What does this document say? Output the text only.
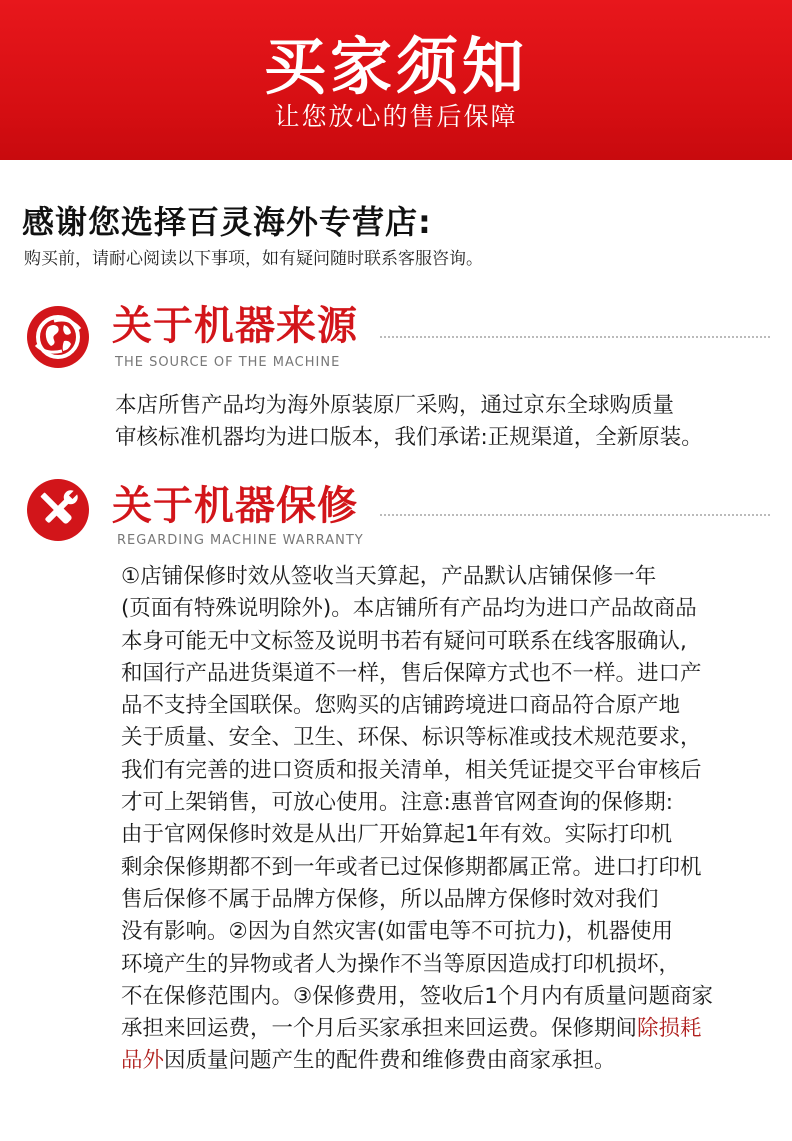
买家须知
让您放心的售后保障
感谢您选择百灵海外专营店:
购买前，请耐心阅读以下事项，如有疑问随时联系客服咨询。
关于机器来源
THE SOURCE OF THE MACHINE
本店所售产品均为海外原装原厂采购，通过京东全球购质量
审核标准机器均为进口版本，我们承诺:正规渠道，全新原装。
关于机器保修
REGARDING MACHINE WARRANTY
①店铺保修时效从签收当天算起，产品默认店铺保修一年
(页面有特殊说明除外)。本店铺所有产品均为进口产品故商品
本身可能无中文标签及说明书若有疑问可联系在线客服确认,
和国行产品进货渠道不一样，售后保障方式也不一样。进口产
品不支持全国联保。您购买的店铺跨境进口商品符合原产地
关于质量、安全、卫生、环保、标识等标准或技术规范要求，
我们有完善的进口资质和报关清单，相关凭证提交平台审核后
才可上架销售，可放心使用。注意:惠普官网查询的保修期:
由于官网保修时效是从出厂开始算起1年有效。实际打印机
剩余保修期都不到一年或者已过保修期都属正常。进口打印机
售后保修不属于品牌方保修，所以品牌方保修时效对我们
没有影响。②因为自然灾害(如雷电等不可抗力)，机器使用
环境产生的异物或者人为操作不当等原因造成打印机损坏，
不在保修范围内。③保修费用，签收后1个月内有质量问题商家
承担来回运费，一个月后买家承担来回运费。保修期间除损耗
品外因质量问题产生的配件费和维修费由商家承担。
